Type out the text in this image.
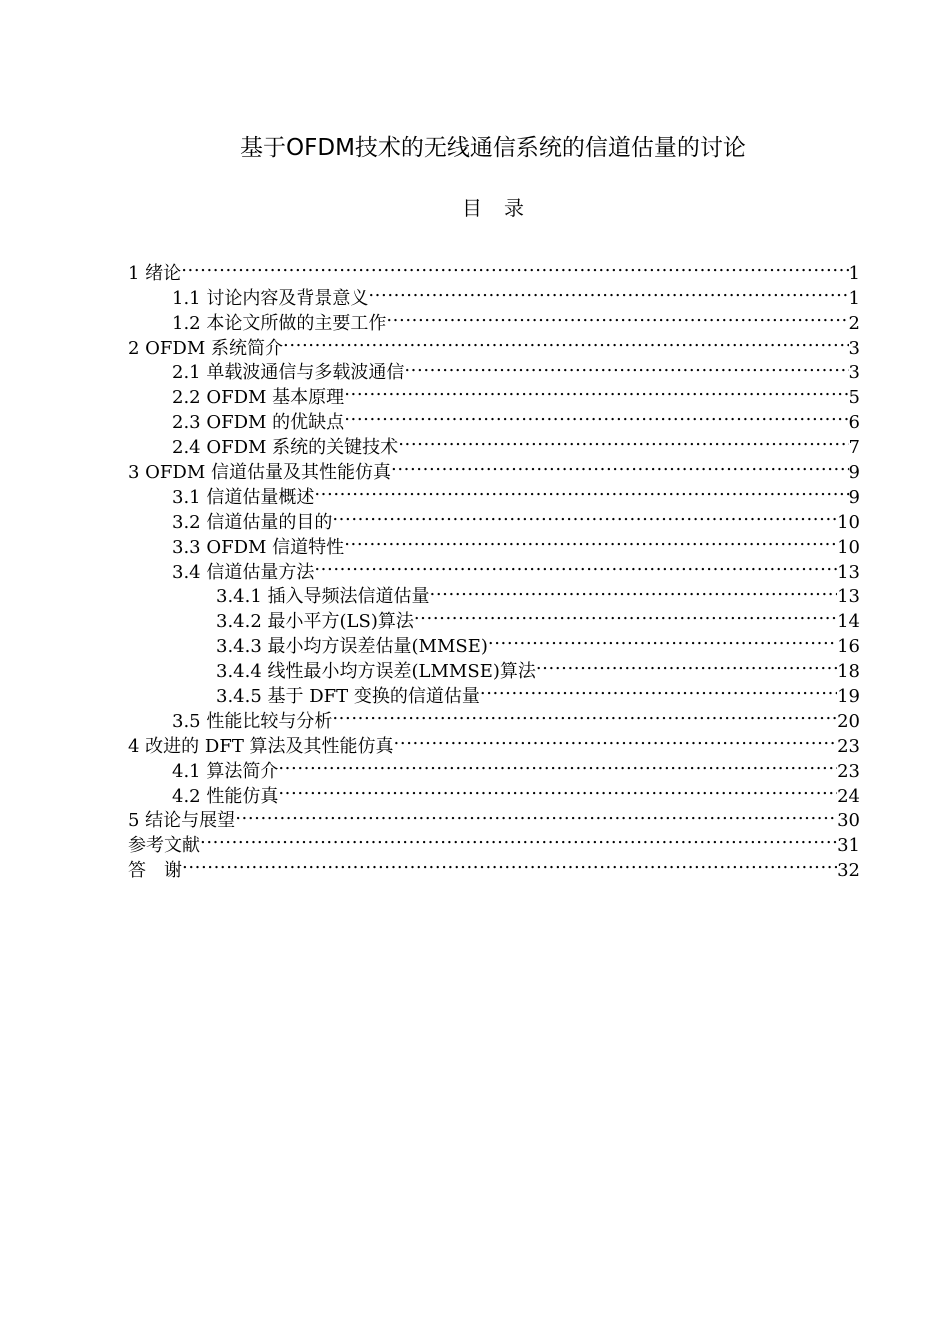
基于OFDM技术的无线通信系统的信道估量的讨论
目 录
1 绪论 .....	1
1.1 讨论内容及背景意义 .....	1
1.2 本论文所做的主要工作 .....	2
2 OFDM 系统简介 .....	3
2.1 单载波通信与多载波通信 .....	3
2.2 OFDM 基本原理 .....	5
2.3 OFDM 的优缺点 .....	6
2.4 OFDM 系统的关键技术 .....	7
3 OFDM 信道估量及其性能仿真 .....	9
3.1 信道估量概述 .....	9
3.2 信道估量的目的 .....	10
3.3 OFDM 信道特性 .....	10
3.4 信道估量方法 .....	13
3.4.1 插入导频法信道估量 .....	13
3.4.2 最小平方(LS)算法 .....	14
3.4.3 最小均方误差估量(MMSE) .....	16
3.4.4 线性最小均方误差(LMMSE)算法 .....	18
3.4.5 基于 DFT 变换的信道估量 .....	19
3.5 性能比较与分析 .....	20
4 改进的 DFT 算法及其性能仿真 .....	23
4.1 算法简介 .....	23
4.2 性能仿真 .....	24
5 结论与展望 .....	30
参考文献 .....	31
答　谢 .....	32
